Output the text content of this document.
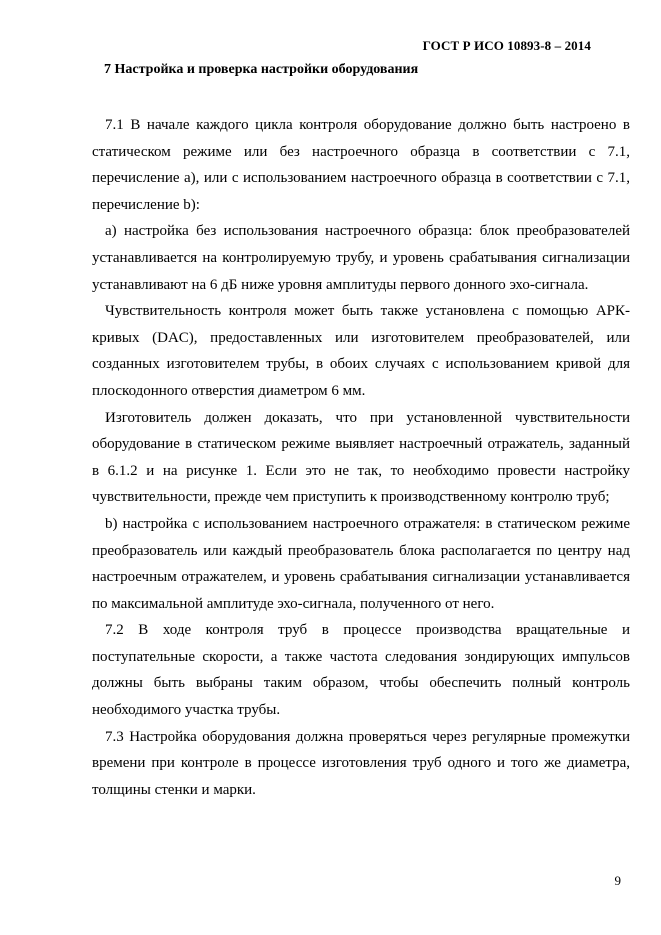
ГОСТ Р ИСО 10893-8 – 2014
7 Настройка и проверка настройки оборудования

7.1 В начале каждого цикла контроля оборудование должно быть настроено в статическом режиме или без настроечного образца в соответствии с 7.1, перечисление а), или с использованием настроечного образца в соответствии с 7.1, перечисление b):

а) настройка без использования настроечного образца: блок преобразователей устанавливается на контролируемую трубу, и уровень срабатывания сигнализации устанавливают на 6 дБ ниже уровня амплитуды первого донного эхо-сигнала.

Чувствительность контроля может быть также установлена с помощью АРК-кривых (DAC), предоставленных или изготовителем преобразователей, или созданных изготовителем трубы, в обоих случаях с использованием кривой для плоскодонного отверстия диаметром 6 мм.

Изготовитель должен доказать, что при установленной чувствительности оборудование в статическом режиме выявляет настроечный отражатель, заданный в 6.1.2 и на рисунке 1. Если это не так, то необходимо провести настройку чувствительности, прежде чем приступить к производственному контролю труб;

b) настройка с использованием настроечного отражателя: в статическом режиме преобразователь или каждый преобразователь блока располагается по центру над настроечным отражателем, и уровень срабатывания сигнализации устанавливается по максимальной амплитуде эхо-сигнала, полученного от него.

7.2 В ходе контроля труб в процессе производства вращательные и поступательные скорости, а также частота следования зондирующих импульсов должны быть выбраны таким образом, чтобы обеспечить полный контроль необходимого участка трубы.

7.3 Настройка оборудования должна проверяться через регулярные промежутки времени при контроле в процессе изготовления труб одного и того же диаметра, толщины стенки и марки.

9
